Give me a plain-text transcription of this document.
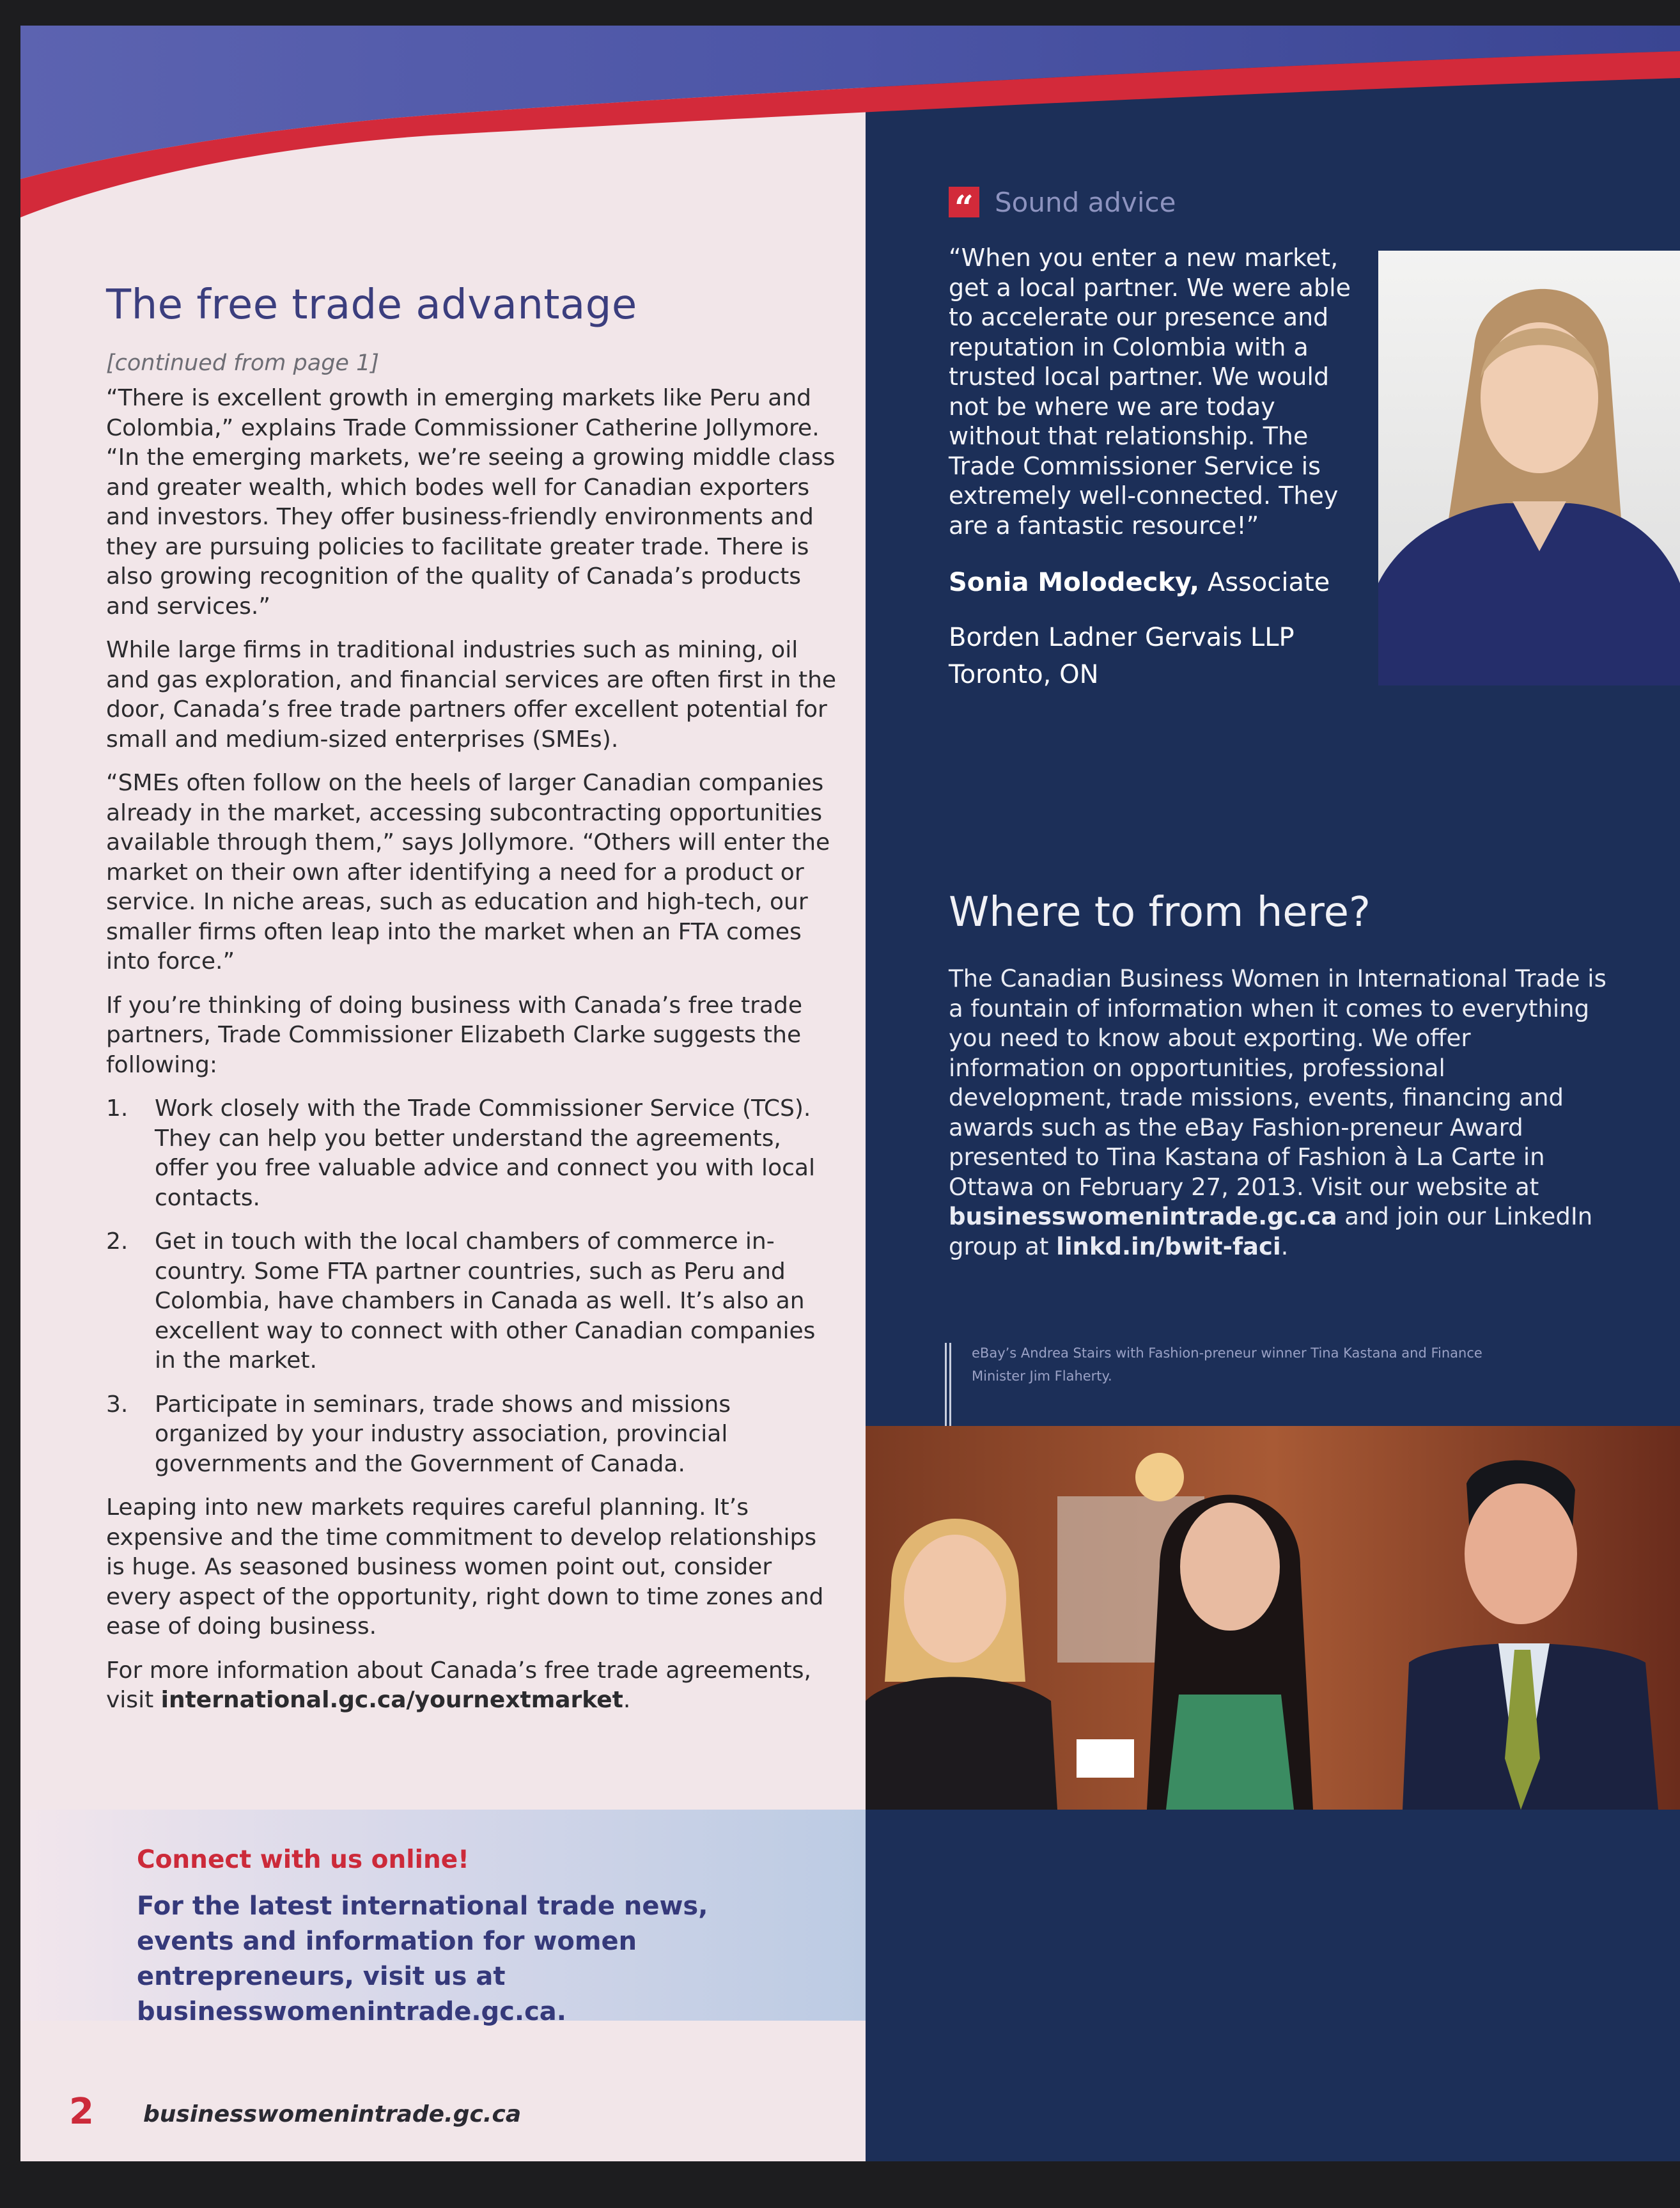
The free trade advantage
[continued from page 1]

“There is excellent growth in emerging markets like Peru and Colombia,” explains Trade Commissioner Catherine Jollymore. “In the emerging markets, we’re seeing a growing middle class and greater wealth, which bodes well for Canadian exporters and investors. They offer business-friendly environments and they are pursuing policies to facilitate greater trade. There is also growing recognition of the quality of Canada’s products and services.”

While large firms in traditional industries such as mining, oil and gas exploration, and financial services are often first in the door, Canada’s free trade partners offer excellent potential for small and medium-sized enterprises (SMEs).

“SMEs often follow on the heels of larger Canadian companies already in the market, accessing subcontracting opportunities available through them,” says Jollymore. “Others will enter the market on their own after identifying a need for a product or service. In niche areas, such as education and high-tech, our smaller firms often leap into the market when an FTA comes into force.”

If you’re thinking of doing business with Canada’s free trade partners, Trade Commissioner Elizabeth Clarke suggests the following:

1. Work closely with the Trade Commissioner Service (TCS). They can help you better understand the agreements, offer you free valuable advice and connect you with local contacts.
2. Get in touch with the local chambers of commerce in-country. Some FTA partner countries, such as Peru and Colombia, have chambers in Canada as well. It’s also an excellent way to connect with other Canadian companies in the market.
3. Participate in seminars, trade shows and missions organized by your industry association, provincial governments and the Government of Canada.

Leaping into new markets requires careful planning. It’s expensive and the time commitment to develop relationships is huge. As seasoned business women point out, consider every aspect of the opportunity, right down to time zones and ease of doing business.

For more information about Canada’s free trade agreements, visit international.gc.ca/yournextmarket.

Connect with us online!
For the latest international trade news, events and information for women entrepreneurs, visit us at businesswomenintrade.gc.ca.
2 businesswomenintrade.gc.ca
“ Sound advice
“When you enter a new market, get a local partner. We were able to accelerate our presence and reputation in Colombia with a trusted local partner. We would not be where we are today without that relationship. The Trade Commissioner Service is extremely well-connected. They are a fantastic resource!”
Sonia Molodecky, Associate
Borden Ladner Gervais LLP
Toronto, ON
Where to from here?
The Canadian Business Women in International Trade is a fountain of information when it comes to everything you need to know about exporting. We offer information on opportunities, professional development, trade missions, events, financing and awards such as the eBay Fashion-preneur Award presented to Tina Kastana of Fashion à La Carte in Ottawa on February 27, 2013. Visit our website at businesswomenintrade.gc.ca and join our LinkedIn group at linkd.in/bwit-faci.
eBay’s Andrea Stairs with Fashion-preneur winner Tina Kastana and Finance Minister Jim Flaherty.
